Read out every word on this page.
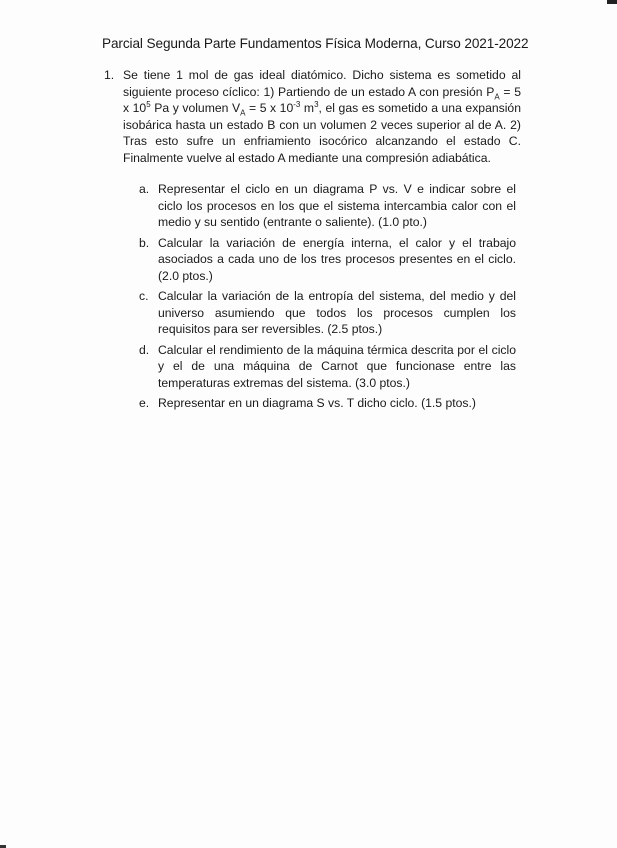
Parcial Segunda Parte Fundamentos Física Moderna, Curso 2021-2022
1. Se tiene 1 mol de gas ideal diatómico. Dicho sistema es sometido al siguiente proceso cíclico: 1) Partiendo de un estado A con presión $P_A = 5$ x $10^5$ Pa y volumen $V_A = 5$ x $10^{-3}$ $m^3$, el gas es sometido a una expansión isobárica hasta un estado B con un volumen 2 veces superior al de A. 2) Tras esto sufre un enfriamiento isocórico alcanzando el estado C. Finalmente vuelve al estado A mediante una compresión adiabática.
a. Representar el ciclo en un diagrama P vs. V e indicar sobre el ciclo los procesos en los que el sistema intercambia calor con el medio y su sentido (entrante o saliente). (1.0 pto.)
b. Calcular la variación de energía interna, el calor y el trabajo asociados a cada uno de los tres procesos presentes en el ciclo. (2.0 ptos.)
c. Calcular la variación de la entropía del sistema, del medio y del universo asumiendo que todos los procesos cumplen los requisitos para ser reversibles. (2.5 ptos.)
d. Calcular el rendimiento de la máquina térmica descrita por el ciclo y el de una máquina de Carnot que funcionase entre las temperaturas extremas del sistema. (3.0 ptos.)
e. Representar en un diagrama S vs. T dicho ciclo. (1.5 ptos.)
